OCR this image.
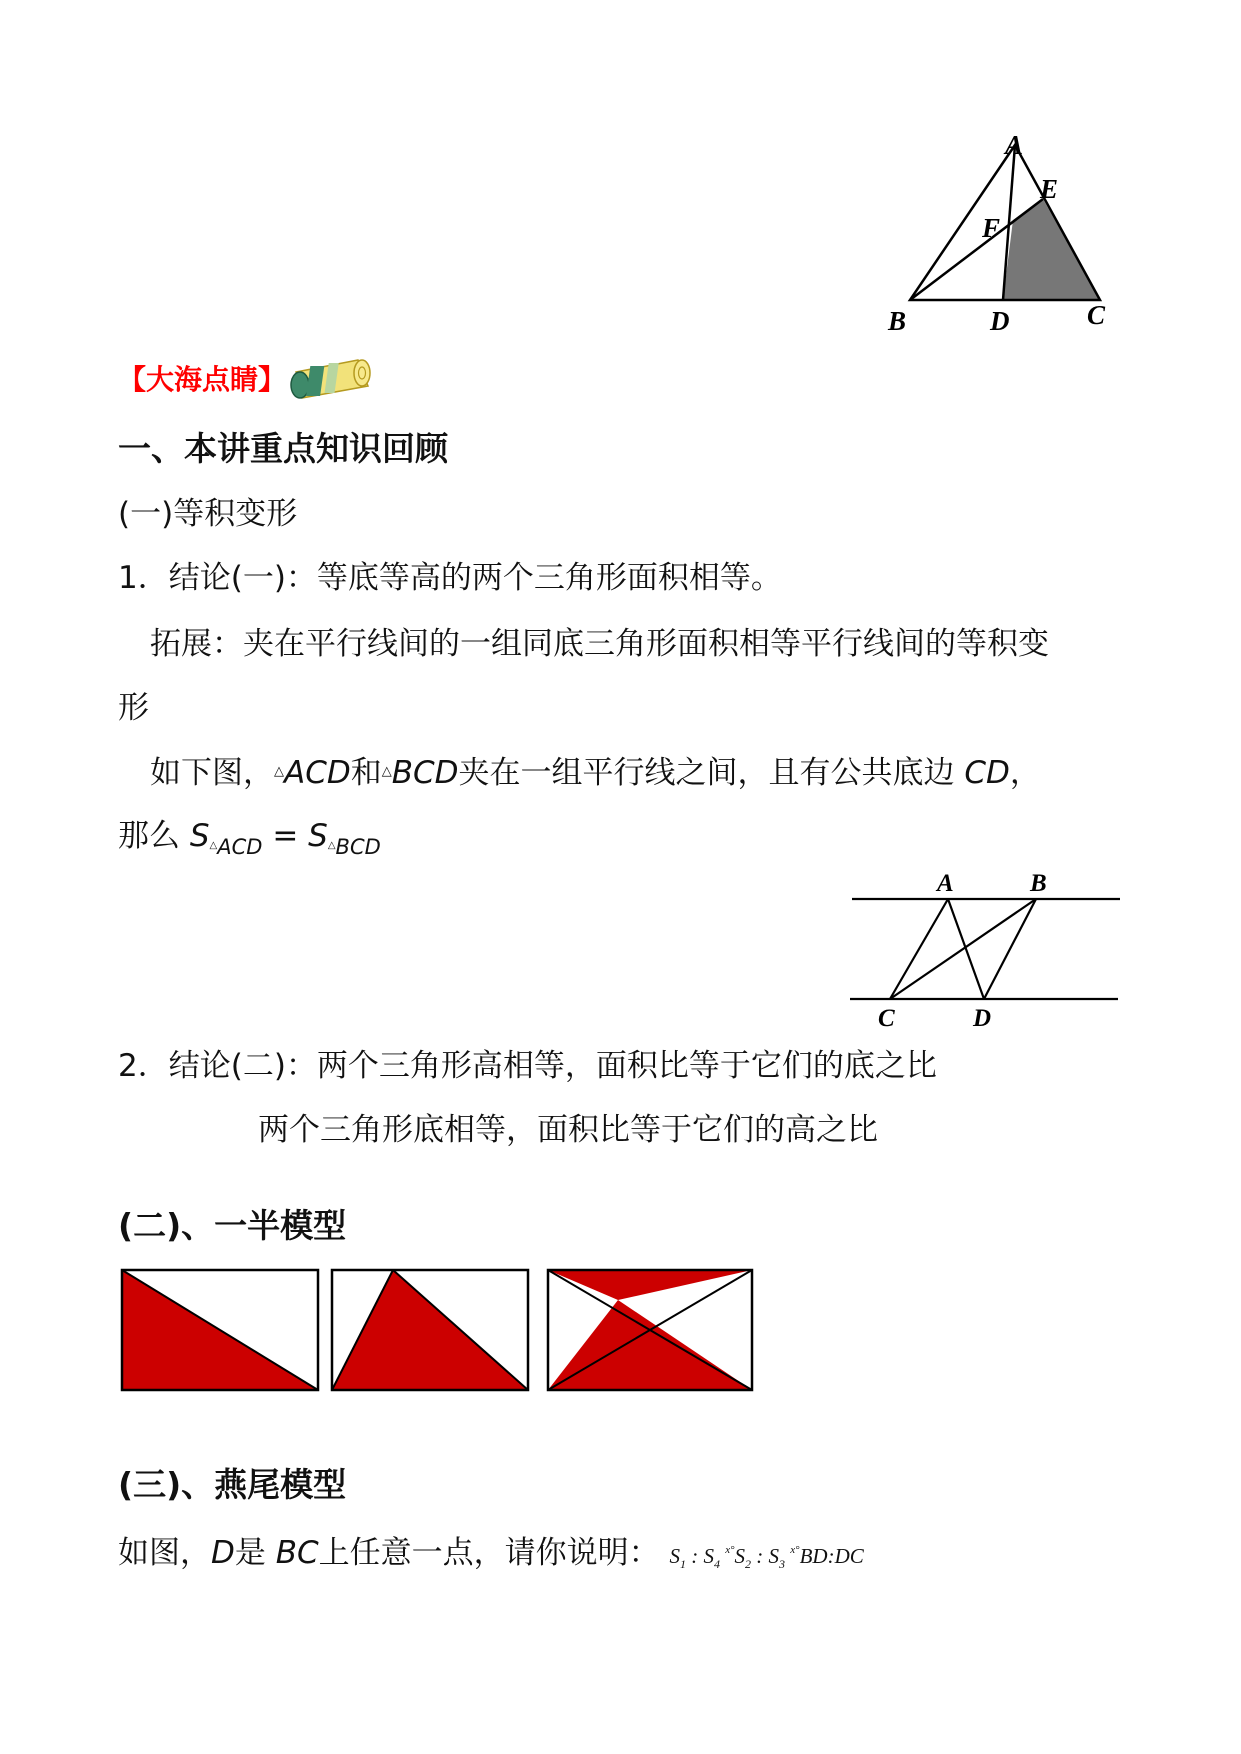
A
E
F
B	D	C
【大海点睛】
一、本讲重点知识回顾
(一)等积变形
1．结论(一)：等底等高的两个三角形面积相等。
拓展：夹在平行线间的一组同底三角形面积相等平行线间的等积变
形
如下图，△ACD和△BCD夹在一组平行线之间，且有公共底边 CD，
那么 $S\triangle_{ACD}$ = $S\triangle_{BCD}$
A	B
C	D
2．结论(二)：两个三角形高相等，面积比等于它们的底之比
两个三角形底相等，面积比等于它们的高之比
(二)、一半模型
(三)、燕尾模型
如图，D是 BC上任意一点，请你说明： $S_1$ : $S_4$ $^{x^\circ}S_2$ : $S_3$ $^{x^\circ}$BD:DC
